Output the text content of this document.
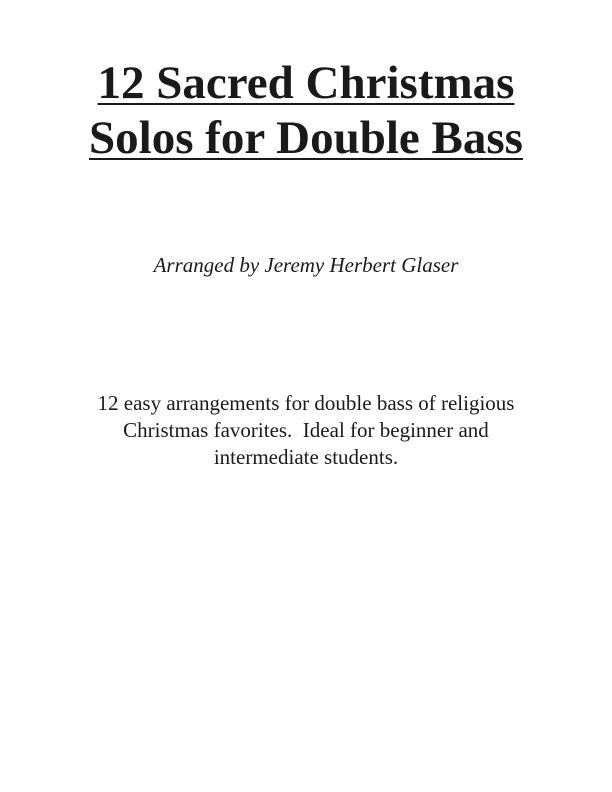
12 Sacred Christmas
Solos for Double Bass

Arranged by Jeremy Herbert Glaser

12 easy arrangements for double bass of religious
Christmas favorites.  Ideal for beginner and
intermediate students.
